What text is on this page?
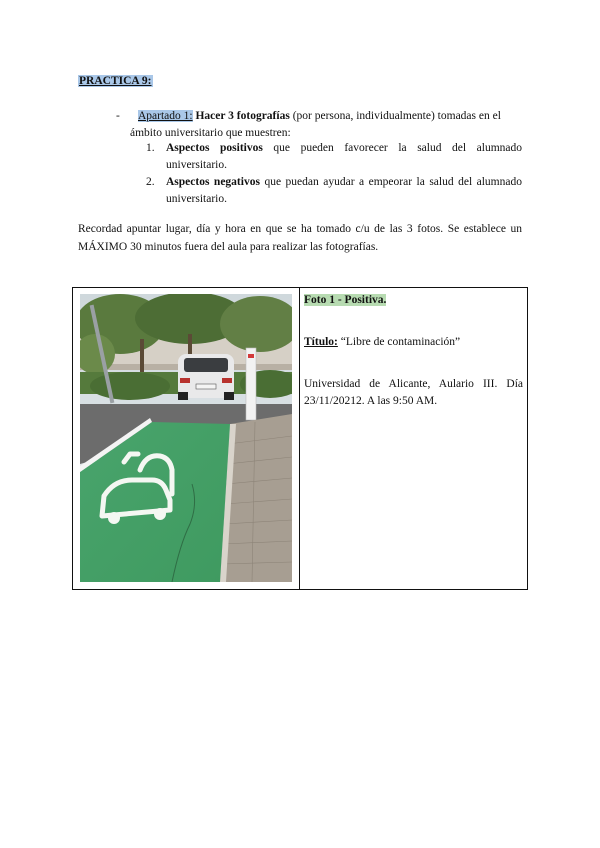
PRACTICA 9:
- Apartado 1: Hacer 3 fotografías (por persona, individualmente) tomadas en el
ámbito universitario que muestren:
1. Aspectos positivos que pueden favorecer la salud del alumnado universitario.
2. Aspectos negativos que puedan ayudar a empeorar la salud del alumnado universitario.
Recordad apuntar lugar, día y hora en que se ha tomado c/u de las 3 fotos. Se establece un MÁXIMO 30 minutos fuera del aula para realizar las fotografías.

Foto 1 - Positiva.
Título: “Libre de contaminación”
Universidad de Alicante, Aulario III. Día 23/11/20212. A las 9:50 AM.
